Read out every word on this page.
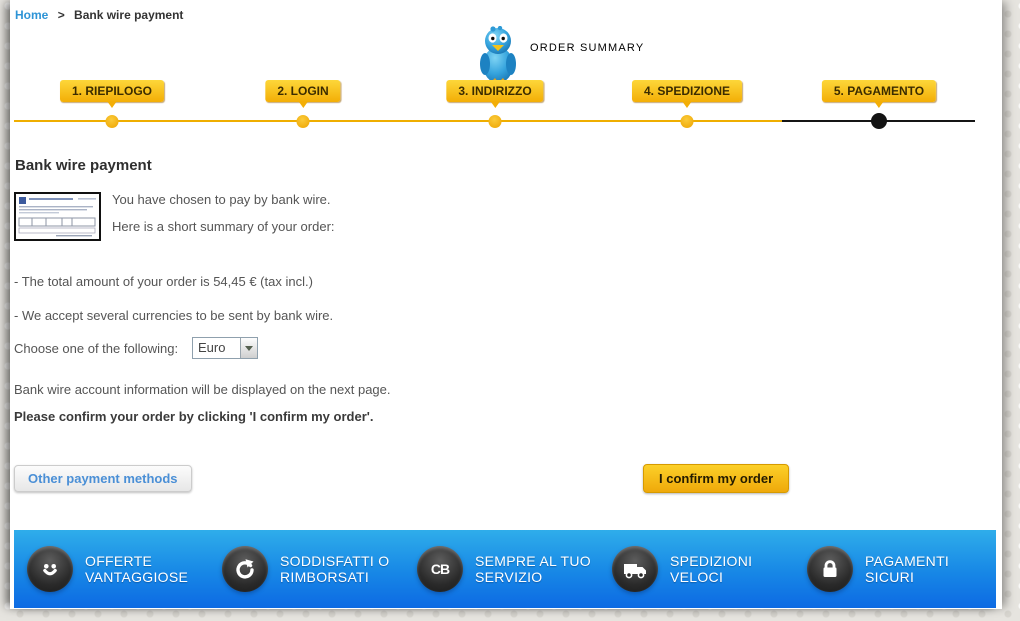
Home > Bank wire payment
ORDER SUMMARY
1. RIEPILOGO	2. LOGIN	3. INDIRIZZO	4. SPEDIZIONE	5. PAGAMENTO
Bank wire payment

You have chosen to pay by bank wire.

Here is a short summary of your order:

- The total amount of your order is 54,45 € (tax incl.)

- We accept several currencies to be sent by bank wire.

Choose one of the following:	Euro

Bank wire account information will be displayed on the next page.

Please confirm your order by clicking 'I confirm my order'.

Other payment methods	I confirm my order
OFFERTE
VANTAGGIOSE
SODDISFATTI O
RIMBORSATI	CB SEMPRE AL TUO
SERVIZIO
SPEDIZIONI
VELOCI
PAGAMENTI
SICURI
